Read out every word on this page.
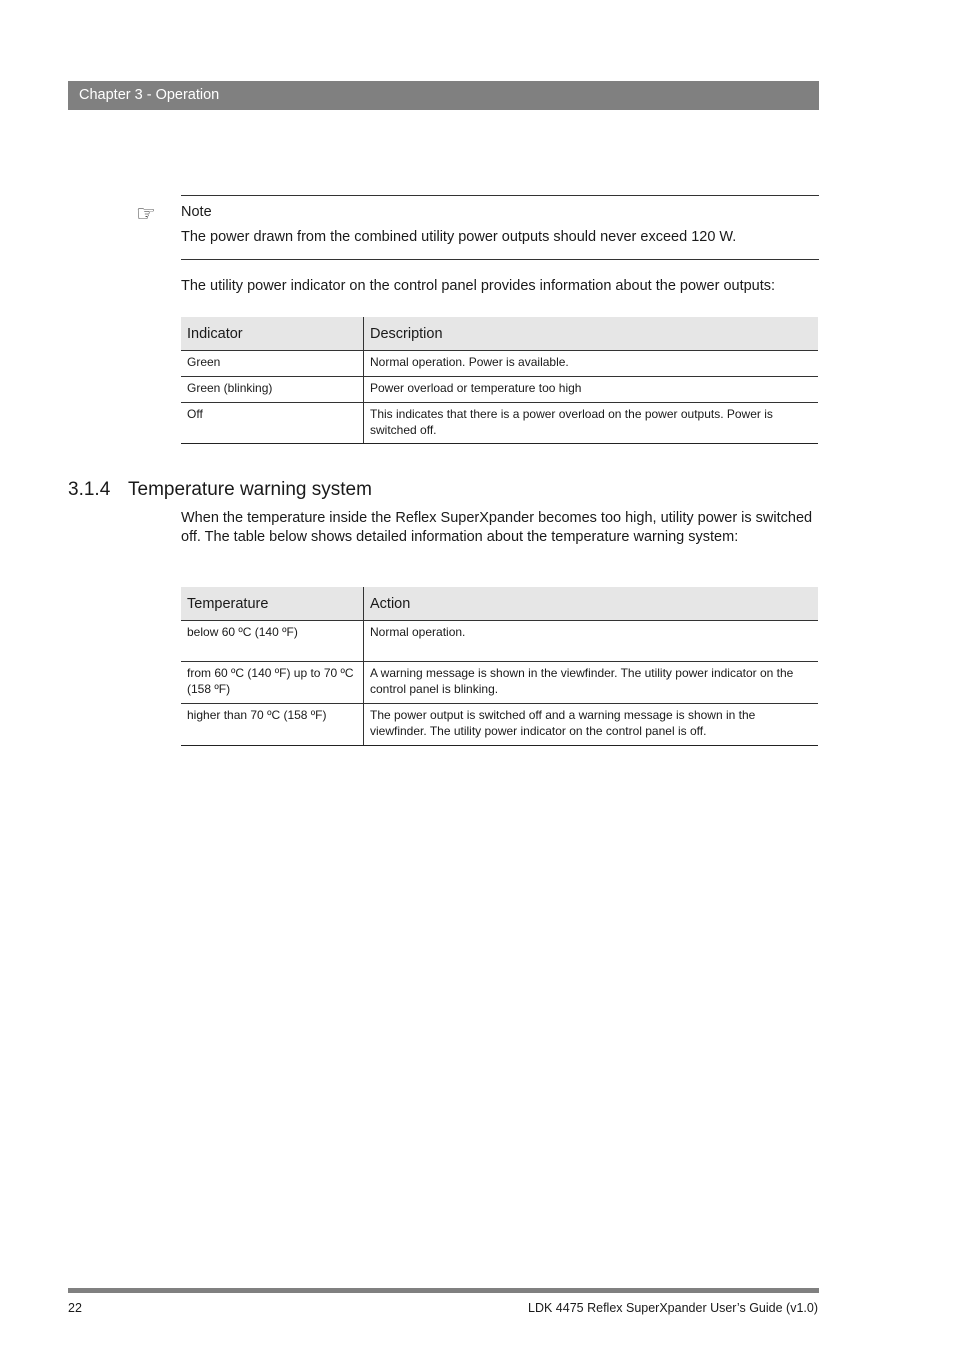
Chapter 3 - Operation
☞	Note
The power drawn from the combined utility power outputs should never exceed 120 W.
The utility power indicator on the control panel provides information about the power outputs:
Indicator	Description
Green	Normal operation. Power is available.
Green (blinking)	Power overload or temperature too high
Off	This indicates that there is a power overload on the power outputs. Power is switched off.
3.1.4 Temperature warning system
When the temperature inside the Reflex SuperXpander becomes too high, utility power is switched off. The table below shows detailed information about the temperature warning system:
Temperature	Action
below 60 ºC (140 ºF)	Normal operation.
from 60 ºC (140 ºF) up to 70 ºC (158 ºF)	A warning message is shown in the viewfinder. The utility power indicator on the control panel is blinking.
higher than 70 ºC (158 ºF)	The power output is switched off and a warning message is shown in the viewfinder. The utility power indicator on the control panel is off.
22	LDK 4475 Reflex SuperXpander User’s Guide (v1.0)
